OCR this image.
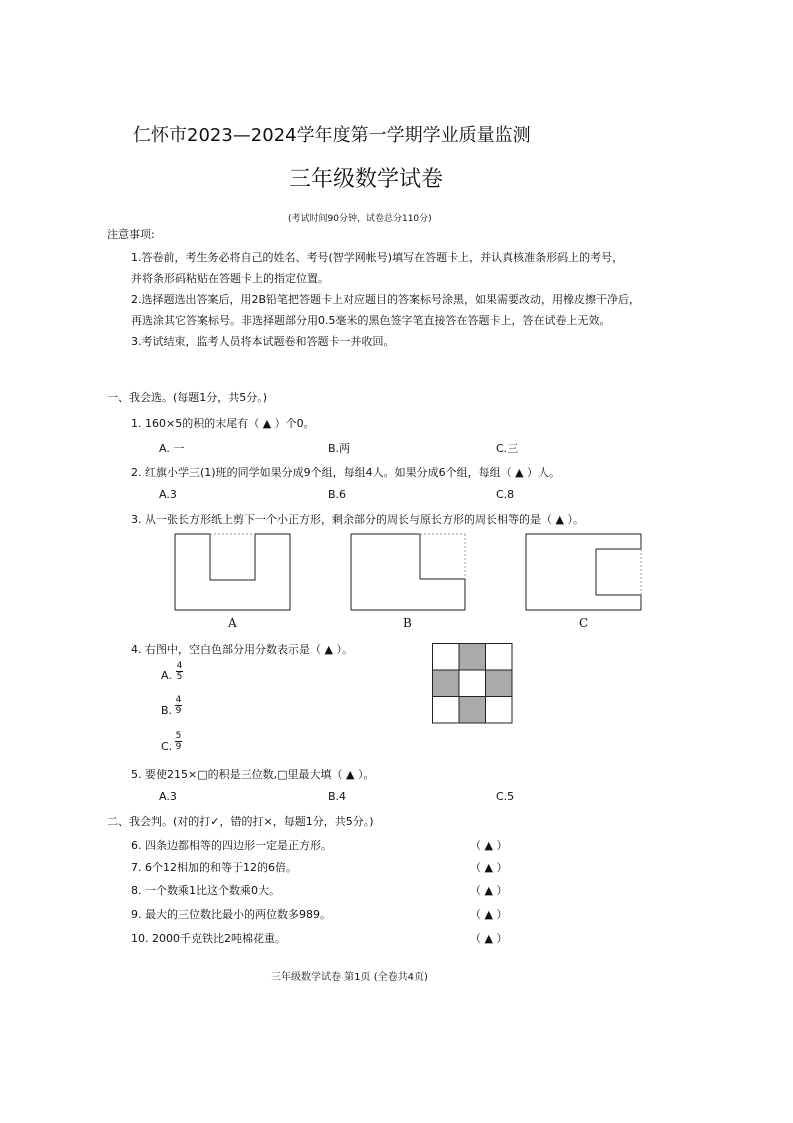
仁怀市2023—2024学年度第一学期学业质量监测
三年级数学试卷
(考试时间90分钟，试卷总分110分)
注意事项:
1.答卷前，考生务必将自己的姓名、考号(智学网帐号)填写在答题卡上，并认真核准条形码上的考号，
并将条形码粘贴在答题卡上的指定位置。
2.选择题选出答案后，用2B铅笔把答题卡上对应题目的答案标号涂黑，如果需要改动，用橡皮擦干净后，
再选涂其它答案标号。非选择题部分用0.5毫米的黑色签字笔直接答在答题卡上，答在试卷上无效。
3.考试结束，监考人员将本试题卷和答题卡一并收回。
一、我会选。(每题1分，共5分。)
1. 160×5的积的末尾有（ ▲ ）个0。
A. 一	B.两	C.三
2. 红旗小学三(1)班的同学如果分成9个组，每组4人。如果分成6个组，每组（ ▲ ）人。
A.3	B.6	C.8
3. 从一张长方形纸上剪下一个小正方形，剩余部分的周长与原长方形的周长相等的是（ ▲ ）。
A	B	C
4. 右图中，空白色部分用分数表示是（ ▲ ）。
A.
4
5
B.
4
9
C.
5
9
5. 要使215×□的积是三位数,□里最大填（ ▲ ）。
A.3	B.4	C.5
二、我会判。(对的打✓，错的打×，每题1分，共5分。)
6. 四条边都相等的四边形一定是正方形。	（ ▲ ）
7. 6个12相加的和等于12的6倍。	（ ▲ ）
8. 一个数乘1比这个数乘0大。	（ ▲ ）
9. 最大的三位数比最小的两位数多989。	（ ▲ ）
10. 2000千克铁比2吨棉花重。	（ ▲ ）
三年级数学试卷 第1页 (全卷共4页)
